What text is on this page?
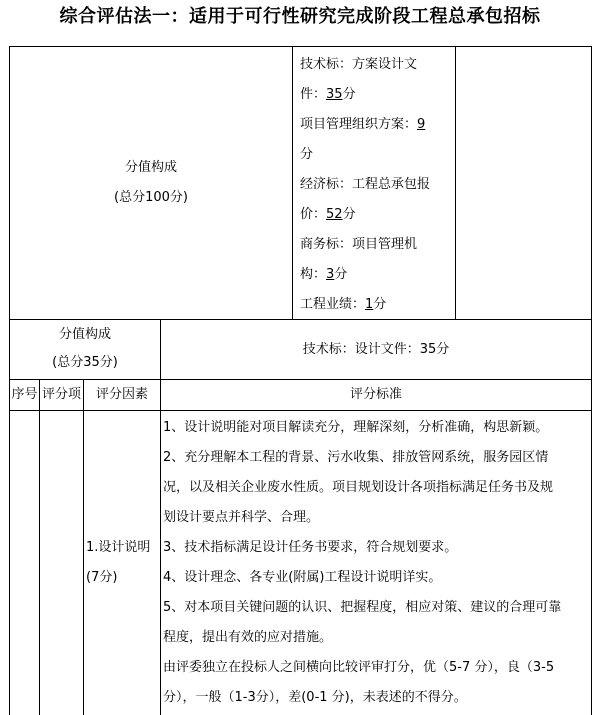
综合评估法一：适用于可行性研究完成阶段工程总承包招标
分值构成
(总分100分)
技术标：方案设计文
件：35分
项目管理组织方案：9
分
经济标：工程总承包报
价：52分
商务标：项目管理机
构：3分
工程业绩：1分
分值构成
(总分35分)
技术标：设计文件：35分
序号 评分项	评分因素	评分标准
1.设计说明
(7分)
1、设计说明能对项目解读充分，理解深刻，分析准确，构思新颖。
2、充分理解本工程的背景、污水收集、排放管网系统，服务园区情
况，以及相关企业废水性质。项目规划设计各项指标满足任务书及规
划设计要点并科学、合理。
3、技术指标满足设计任务书要求，符合规划要求。
4、设计理念、各专业(附属)工程设计说明详实。
5、对本项目关键问题的认识、把握程度，相应对策、建议的合理可靠
程度，提出有效的应对措施。
由评委独立在投标人之间横向比较评审打分，优（5-7 分），良（3-5
分），一般（1-3分），差(0-1 分)，未表述的不得分。
